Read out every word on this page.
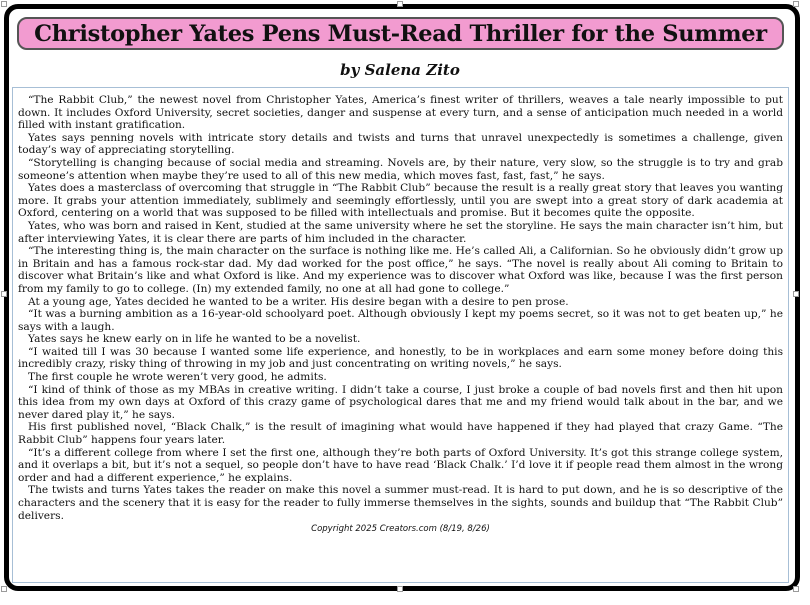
Christopher Yates Pens Must-Read Thriller for the Summer
by Salena Zito

“The Rabbit Club,” the newest novel from Christopher Yates, America’s finest writer of thrillers, weaves a tale nearly impossible to put down. It includes Oxford University, secret societies, danger and suspense at every turn, and a sense of anticipation much needed in a world filled with instant gratification.

Yates says penning novels with intricate story details and twists and turns that unravel unexpectedly is sometimes a challenge, given today’s way of appreciating storytelling.

“Storytelling is changing because of social media and streaming. Novels are, by their nature, very slow, so the struggle is to try and grab someone’s attention when maybe they’re used to all of this new media, which moves fast, fast, fast,” he says.

Yates does a masterclass of overcoming that struggle in “The Rabbit Club” because the result is a really great story that leaves you wanting more. It grabs your attention immediately, sublimely and seemingly effortlessly, until you are swept into a great story of dark academia at Oxford, centering on a world that was supposed to be filled with intellectuals and promise. But it becomes quite the opposite.

Yates, who was born and raised in Kent, studied at the same university where he set the storyline. He says the main character isn’t him, but after interviewing Yates, it is clear there are parts of him included in the character.

“The interesting thing is, the main character on the surface is nothing like me. He’s called Ali, a Californian. So he obviously didn’t grow up in Britain and has a famous rock-star dad. My dad worked for the post office,” he says. “The novel is really about Ali coming to Britain to discover what Britain’s like and what Oxford is like. And my experience was to discover what Oxford was like, because I was the first person from my family to go to college. (In) my extended family, no one at all had gone to college.”

At a young age, Yates decided he wanted to be a writer. His desire began with a desire to pen prose.

“It was a burning ambition as a 16-year-old schoolyard poet. Although obviously I kept my poems secret, so it was not to get beaten up,” he says with a laugh.

Yates says he knew early on in life he wanted to be a novelist.

“I waited till I was 30 because I wanted some life experience, and honestly, to be in workplaces and earn some money before doing this incredibly crazy, risky thing of throwing in my job and just concentrating on writing novels,” he says.

The first couple he wrote weren’t very good, he admits.

“I kind of think of those as my MBAs in creative writing. I didn’t take a course, I just broke a couple of bad novels first and then hit upon this idea from my own days at Oxford of this crazy game of psychological dares that me and my friend would talk about in the bar, and we never dared play it,” he says.

His first published novel, “Black Chalk,” is the result of imagining what would have happened if they had played that crazy Game. “The Rabbit Club” happens four years later.

“It’s a different college from where I set the first one, although they’re both parts of Oxford University. It’s got this strange college system, and it overlaps a bit, but it’s not a sequel, so people don’t have to have read ‘Black Chalk.’ I’d love it if people read them almost in the wrong order and had a different experience,” he explains.

The twists and turns Yates takes the reader on make this novel a summer must-read. It is hard to put down, and he is so descriptive of the characters and the scenery that it is easy for the reader to fully immerse themselves in the sights, sounds and buildup that “The Rabbit Club” delivers.

Copyright 2025 Creators.com (8/19, 8/26)
